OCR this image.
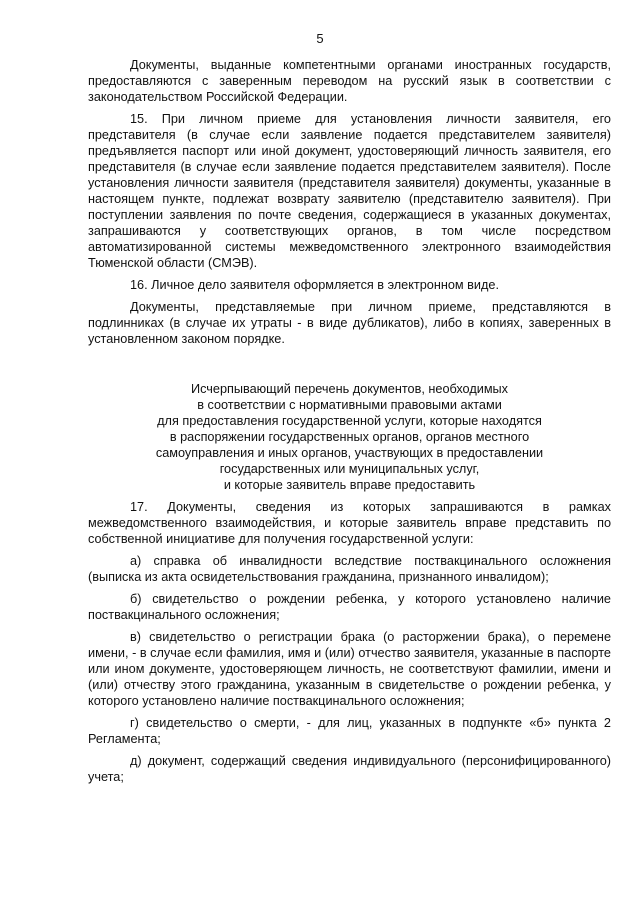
5

Документы, выданные компетентными органами иностранных государств, предоставляются с заверенным переводом на русский язык в соответствии с законодательством Российской Федерации.

15. При личном приеме для установления личности заявителя, его представителя (в случае если заявление подается представителем заявителя) предъявляется паспорт или иной документ, удостоверяющий личность заявителя, его представителя (в случае если заявление подается представителем заявителя). После установления личности заявителя (представителя заявителя) документы, указанные в настоящем пункте, подлежат возврату заявителю (представителю заявителя). При поступлении заявления по почте сведения, содержащиеся в указанных документах, запрашиваются у соответствующих органов, в том числе посредством автоматизированной системы межведомственного электронного взаимодействия Тюменской области (СМЭВ).

16. Личное дело заявителя оформляется в электронном виде.

Документы, представляемые при личном приеме, представляются в подлинниках (в случае их утраты - в виде дубликатов), либо в копиях, заверенных в установленном законом порядке.

Исчерпывающий перечень документов, необходимых
в соответствии с нормативными правовыми актами
для предоставления государственной услуги, которые находятся
в распоряжении государственных органов, органов местного
самоуправления и иных органов, участвующих в предоставлении
государственных или муниципальных услуг,
и которые заявитель вправе предоставить

17. Документы, сведения из которых запрашиваются в рамках межведомственного взаимодействия, и которые заявитель вправе представить по собственной инициативе для получения государственной услуги:

а) справка об инвалидности вследствие поствакцинального осложнения (выписка из акта освидетельствования гражданина, признанного инвалидом);

б) свидетельство о рождении ребенка, у которого установлено наличие поствакцинального осложнения;

в) свидетельство о регистрации брака (о расторжении брака), о перемене имени, - в случае если фамилия, имя и (или) отчество заявителя, указанные в паспорте или ином документе, удостоверяющем личность, не соответствуют фамилии, имени и (или) отчеству этого гражданина, указанным в свидетельстве о рождении ребенка, у которого установлено наличие поствакцинального осложнения;

г) свидетельство о смерти, - для лиц, указанных в подпункте «б» пункта 2 Регламента;

д) документ, содержащий сведения индивидуального (персонифицированного) учета;
